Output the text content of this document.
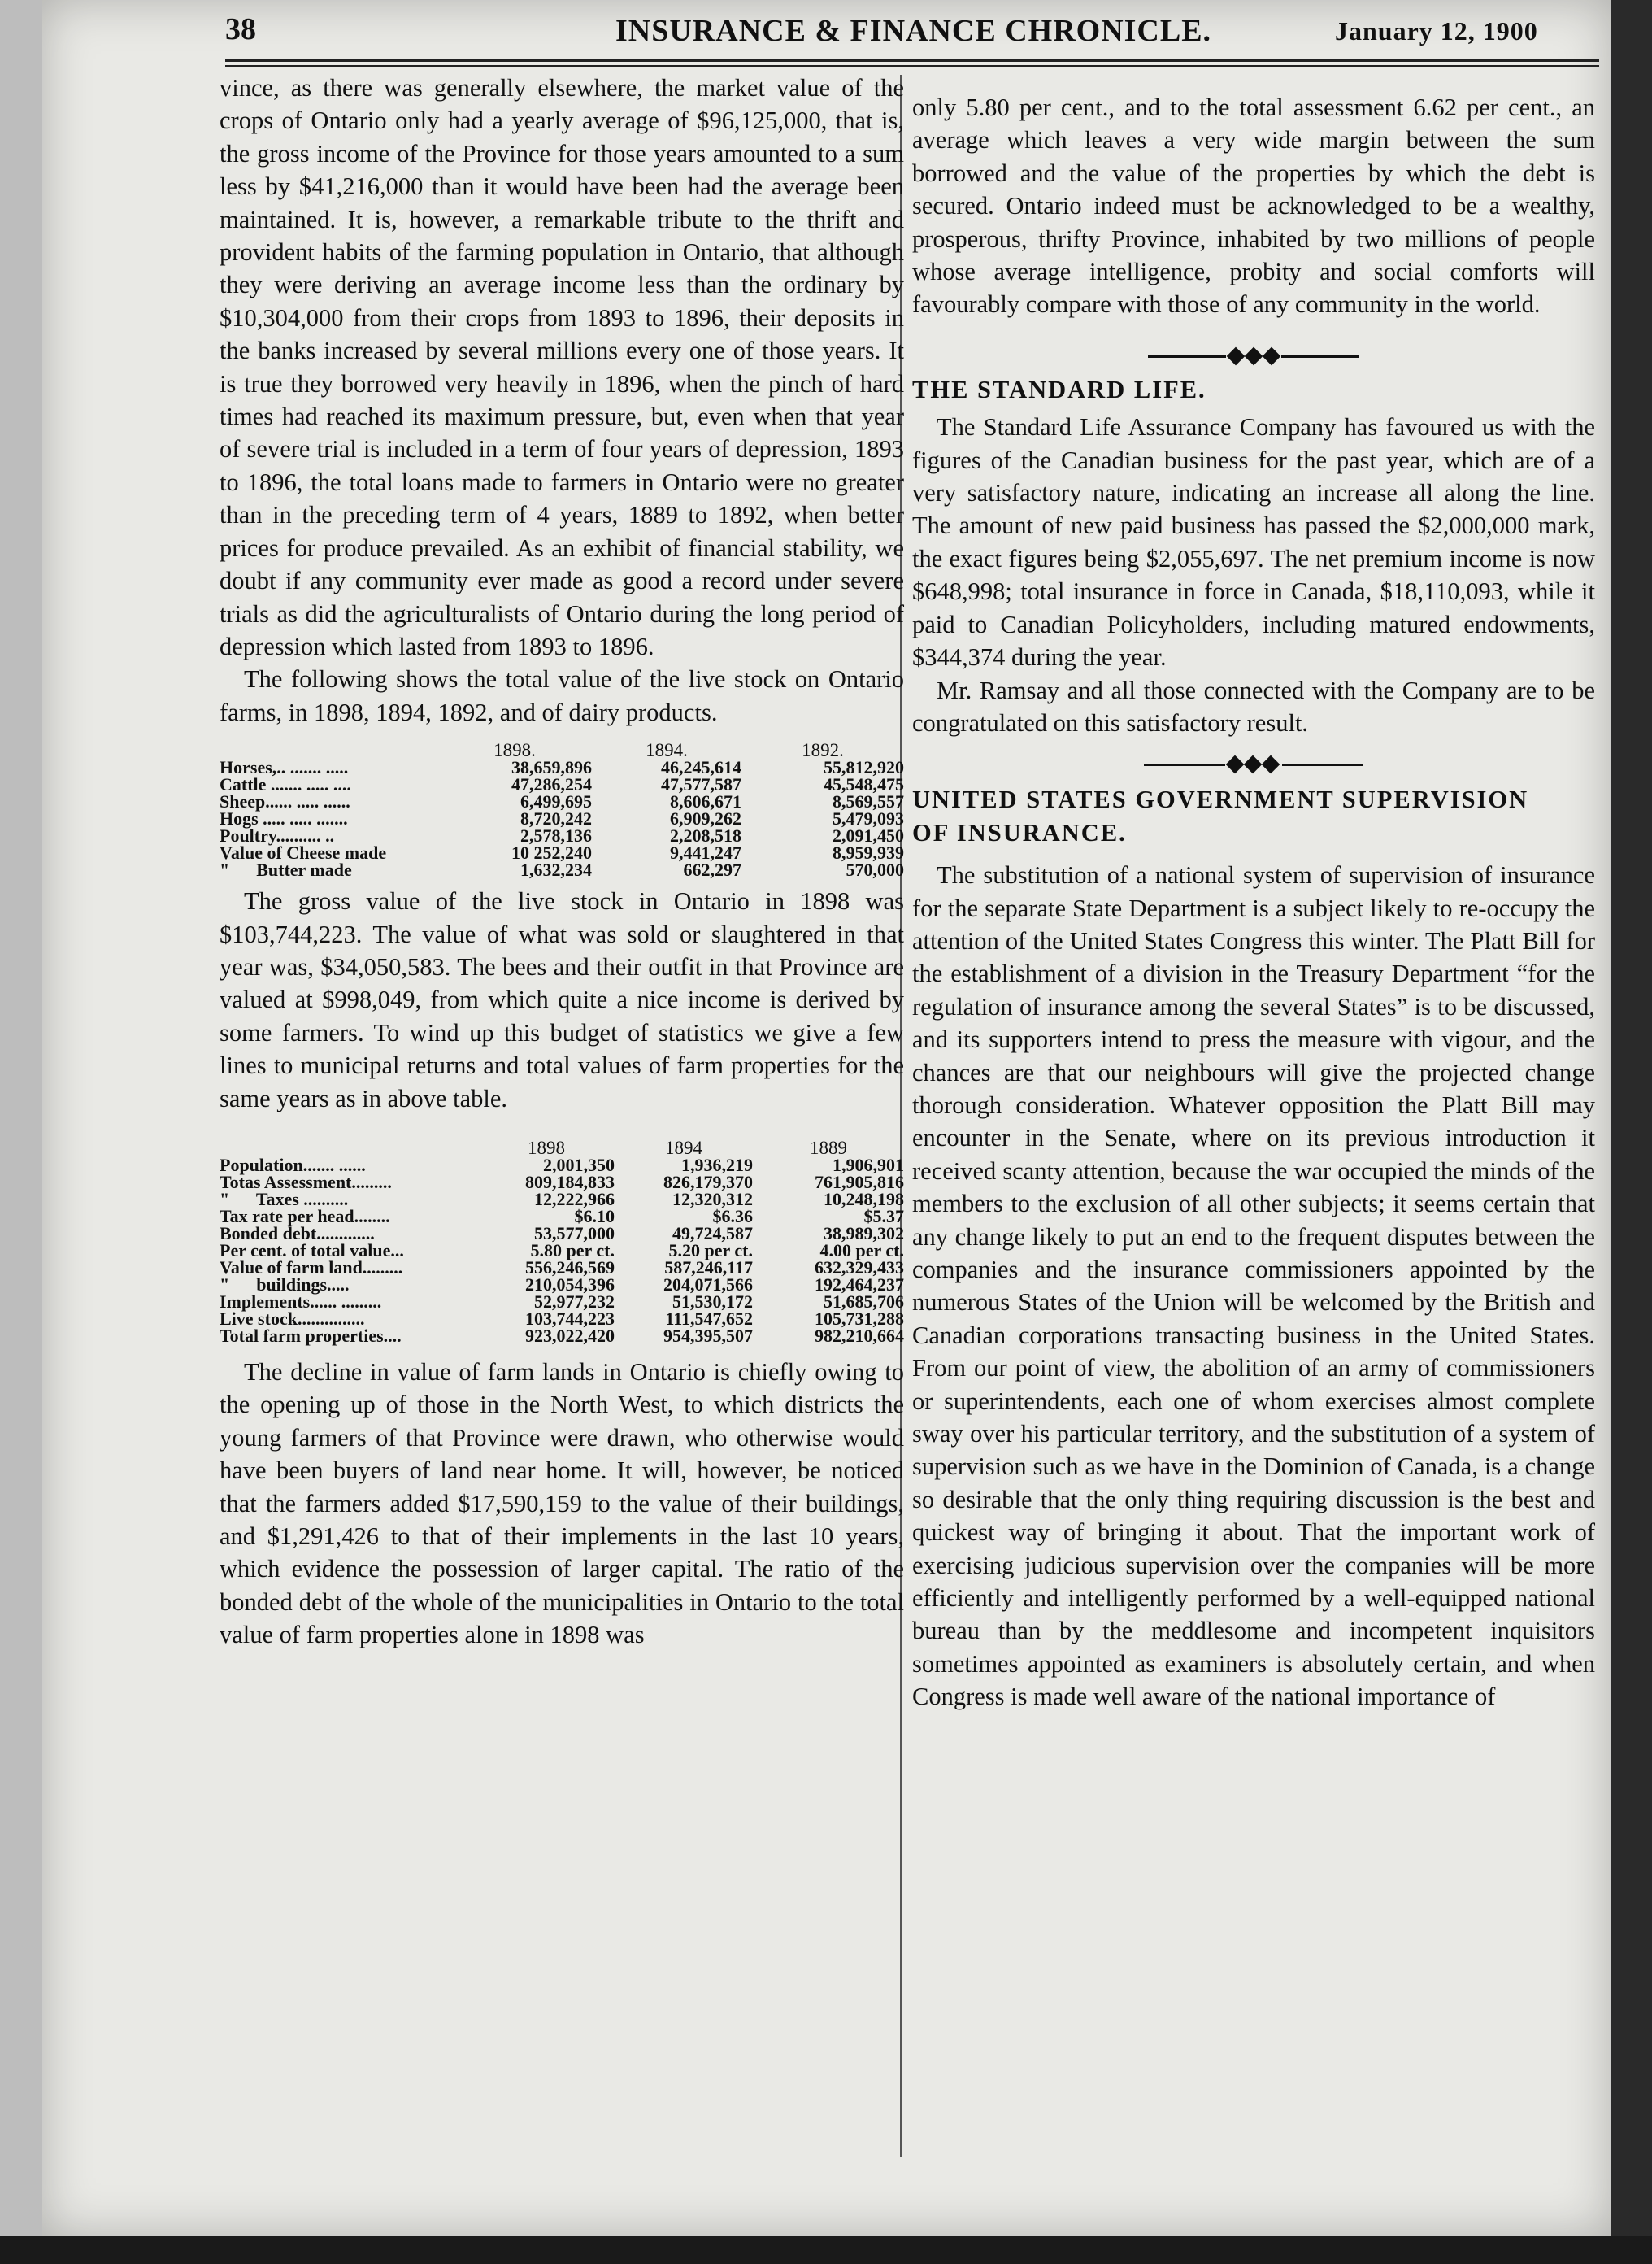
38	INSURANCE & FINANCE CHRONICLE.	January 12, 1900

vince, as there was generally elsewhere, the market value of the crops of Ontario only had a yearly average of $96,125,000, that is, the gross income of the Province for those years amounted to a sum less by $41,216,000 than it would have been had the average been maintained. It is, however, a remarkable tribute to the thrift and provident habits of the farming population in Ontario, that although they were deriving an average income less than the ordinary by $10,304,000 from their crops from 1893 to 1896, their deposits in the banks increased by several millions every one of those years. It is true they borrowed very heavily in 1896, when the pinch of hard times had reached its maximum pressure, but, even when that year of severe trial is included in a term of four years of depression, 1893 to 1896, the total loans made to farmers in Ontario were no greater than in the preceding term of 4 years, 1889 to 1892, when better prices for produce prevailed. As an exhibit of financial stability, we doubt if any community ever made as good a record under severe trials as did the agriculturalists of Ontario during the long period of depression which lasted from 1893 to 1896.

The following shows the total value of the live stock on Ontario farms, in 1898, 1894, 1892, and of dairy products.

	1898.	1894.	1892.
Horses,.. ....... .....	38,659,896	46,245,614	55,812,920
Cattle ....... ..... ....	47,286,254	47,577,587	45,548,475
Sheep...... ..... ......	6,499,695	8,606,671	8,569,557
Hogs ..... ..... .......	8,720,242	6,909,262	5,479,093
Poultry.......... ..	2,578,136	2,208,518	2,091,450
Value of Cheese made	10 252,240	9,441,247	8,959,939
"      Butter made	1,632,234	662,297	570,000

The gross value of the live stock in Ontario in 1898 was $103,744,223. The value of what was sold or slaughtered in that year was, $34,050,583. The bees and their outfit in that Province are valued at $998,049, from which quite a nice income is derived by some farmers. To wind up this budget of statistics we give a few lines to municipal returns and total values of farm properties for the same years as in above table.

	1898	1894	1889
Population....... ......	2,001,350	1,936,219	1,906,901
Totas Assessment.........	809,184,833	826,179,370	761,905,816
"      Taxes ..........	12,222,966	12,320,312	10,248,198
Tax rate per head........	$6.10	$6.36	$5.37
Bonded debt.............	53,577,000	49,724,587	38,989,302
Per cent. of total value...	5.80 per ct.	5.20 per ct.	4.00 per ct.
Value of farm land.........	556,246,569	587,246,117	632,329,433
"      buildings.....	210,054,396	204,071,566	192,464,237
Implements...... .........	52,977,232	51,530,172	51,685,706
Live stock...............	103,744,223	111,547,652	105,731,288
Total farm properties....	923,022,420	954,395,507	982,210,664

The decline in value of farm lands in Ontario is chiefly owing to the opening up of those in the North West, to which districts the young farmers of that Province were drawn, who otherwise would have been buyers of land near home. It will, however, be noticed that the farmers added $17,590,159 to the value of their buildings, and $1,291,426 to that of their implements in the last 10 years, which evidence the possession of larger capital. The ratio of the bonded debt of the whole of the municipalities in Ontario to the total value of farm properties alone in 1898 was

only 5.80 per cent., and to the total assessment 6.62 per cent., an average which leaves a very wide margin between the sum borrowed and the value of the properties by which the debt is secured. Ontario indeed must be acknowledged to be a wealthy, prosperous, thrifty Province, inhabited by two millions of people whose average intelligence, probity and social comforts will favourably compare with those of any community in the world.

THE STANDARD LIFE.

The Standard Life Assurance Company has favoured us with the figures of the Canadian business for the past year, which are of a very satisfactory nature, indicating an increase all along the line. The amount of new paid business has passed the $2,000,000 mark, the exact figures being $2,055,697. The net premium income is now $648,998; total insurance in force in Canada, $18,110,093, while it paid to Canadian Policyholders, including matured endowments, $344,374 during the year.

Mr. Ramsay and all those connected with the Company are to be congratulated on this satisfactory result.

UNITED STATES GOVERNMENT SUPERVISION

OF INSURANCE.

The substitution of a national system of supervision of insurance for the separate State Department is a subject likely to re-occupy the attention of the United States Congress this winter. The Platt Bill for the establishment of a division in the Treasury Department “for the regulation of insurance among the several States” is to be discussed, and its supporters intend to press the measure with vigour, and the chances are that our neighbours will give the projected change thorough consideration. Whatever opposition the Platt Bill may encounter in the Senate, where on its previous introduction it received scanty attention, because the war occupied the minds of the members to the exclusion of all other subjects; it seems certain that any change likely to put an end to the frequent disputes between the companies and the insurance commissioners appointed by the numerous States of the Union will be welcomed by the British and Canadian corporations transacting business in the United States. From our point of view, the abolition of an army of commissioners or superintendents, each one of whom exercises almost complete sway over his particular territory, and the substitution of a system of supervision such as we have in the Dominion of Canada, is a change so desirable that the only thing requiring discussion is the best and quickest way of bringing it about. That the important work of exercising judicious supervision over the companies will be more efficiently and intelligently performed by a well-equipped national bureau than by the meddlesome and incompetent inquisitors sometimes appointed as examiners is absolutely certain, and when Congress is made well aware of the national importance of
